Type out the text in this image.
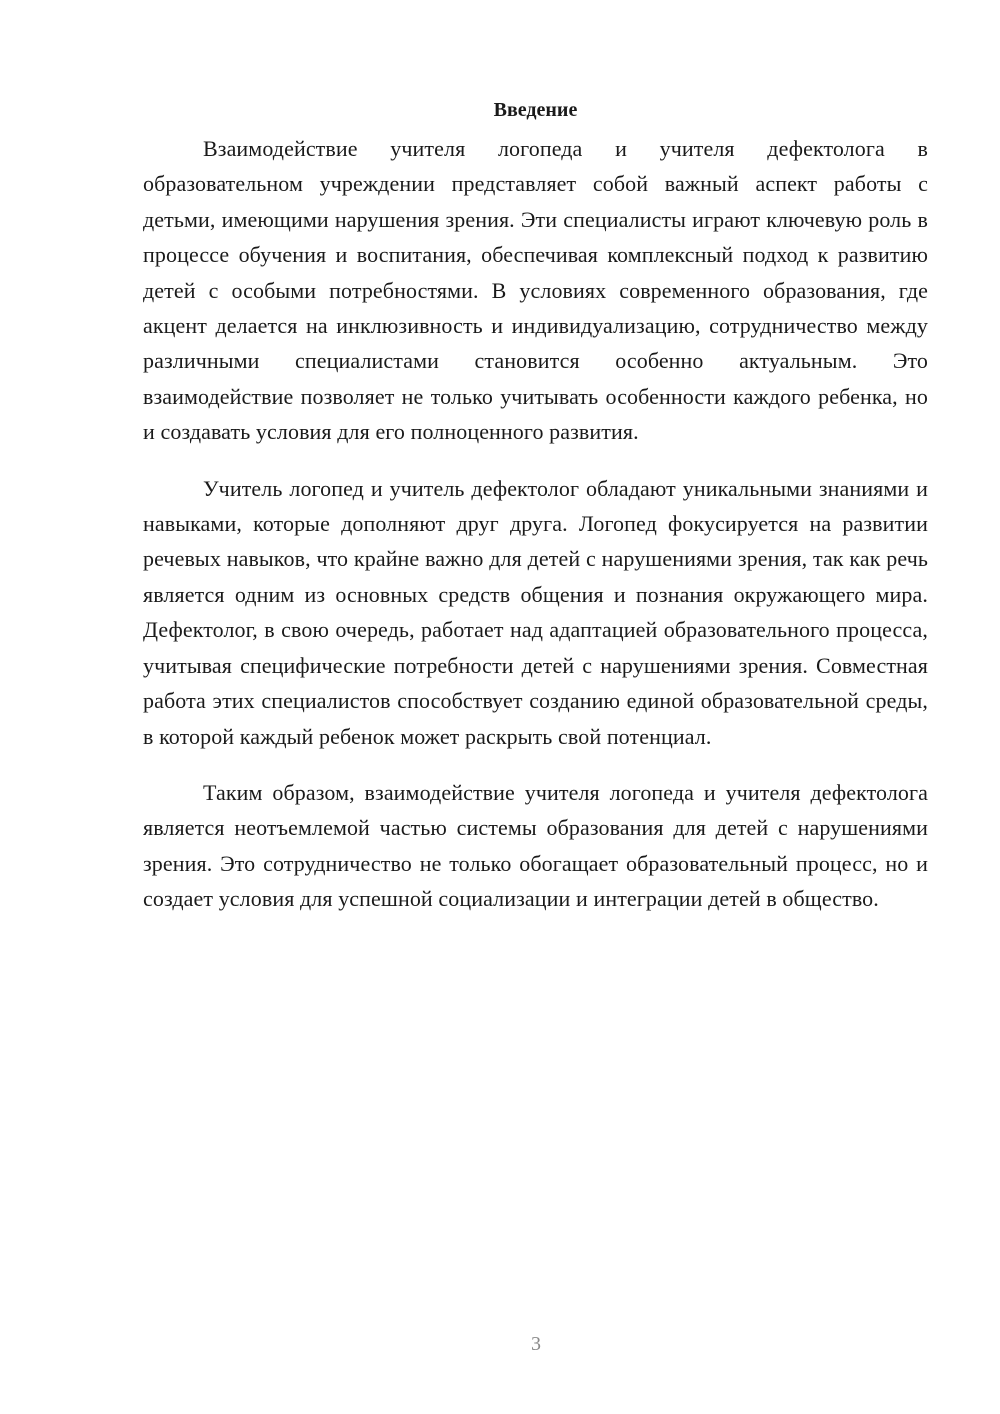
Введение

Взаимодействие учителя логопеда и учителя дефектолога в образовательном учреждении представляет собой важный аспект работы с детьми, имеющими нарушения зрения. Эти специалисты играют ключевую роль в процессе обучения и воспитания, обеспечивая комплексный подход к развитию детей с особыми потребностями. В условиях современного образования, где акцент делается на инклюзивность и индивидуализацию, сотрудничество между различными специалистами становится особенно актуальным. Это взаимодействие позволяет не только учитывать особенности каждого ребенка, но и создавать условия для его полноценного развития.

Учитель логопед и учитель дефектолог обладают уникальными знаниями и навыками, которые дополняют друг друга. Логопед фокусируется на развитии речевых навыков, что крайне важно для детей с нарушениями зрения, так как речь является одним из основных средств общения и познания окружающего мира. Дефектолог, в свою очередь, работает над адаптацией образовательного процесса, учитывая специфические потребности детей с нарушениями зрения. Совместная работа этих специалистов способствует созданию единой образовательной среды, в которой каждый ребенок может раскрыть свой потенциал.

Таким образом, взаимодействие учителя логопеда и учителя дефектолога является неотъемлемой частью системы образования для детей с нарушениями зрения. Это сотрудничество не только обогащает образовательный процесс, но и создает условия для успешной социализации и интеграции детей в общество.

3
